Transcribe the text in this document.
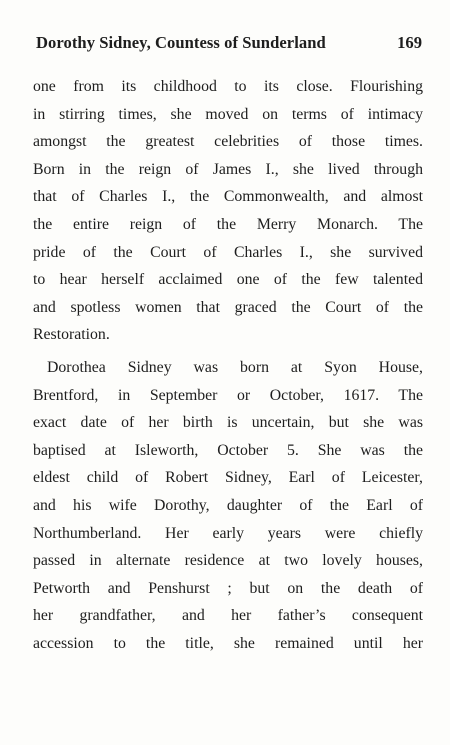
Dorothy Sidney, Countess of Sunderland	169
one from its childhood to its close. Flourishing
in stirring times, she moved on terms of intimacy
amongst the greatest celebrities of those times.
Born in the reign of James I., she lived through
that of Charles I., the Commonwealth, and almost
the entire reign of the Merry Monarch. The
pride of the Court of Charles I., she survived
to hear herself acclaimed one of the few talented
and spotless women that graced the Court of the
Restoration.
Dorothea Sidney was born at Syon House,
Brentford, in September or October, 1617. The
exact date of her birth is uncertain, but she was
baptised at Isleworth, October 5. She was the
eldest child of Robert Sidney, Earl of Leicester,
and his wife Dorothy, daughter of the Earl of
Northumberland. Her early years were chiefly
passed in alternate residence at two lovely houses,
Petworth and Penshurst ; but on the death of
her grandfather, and her father’s consequent
accession to the title, she remained until her
